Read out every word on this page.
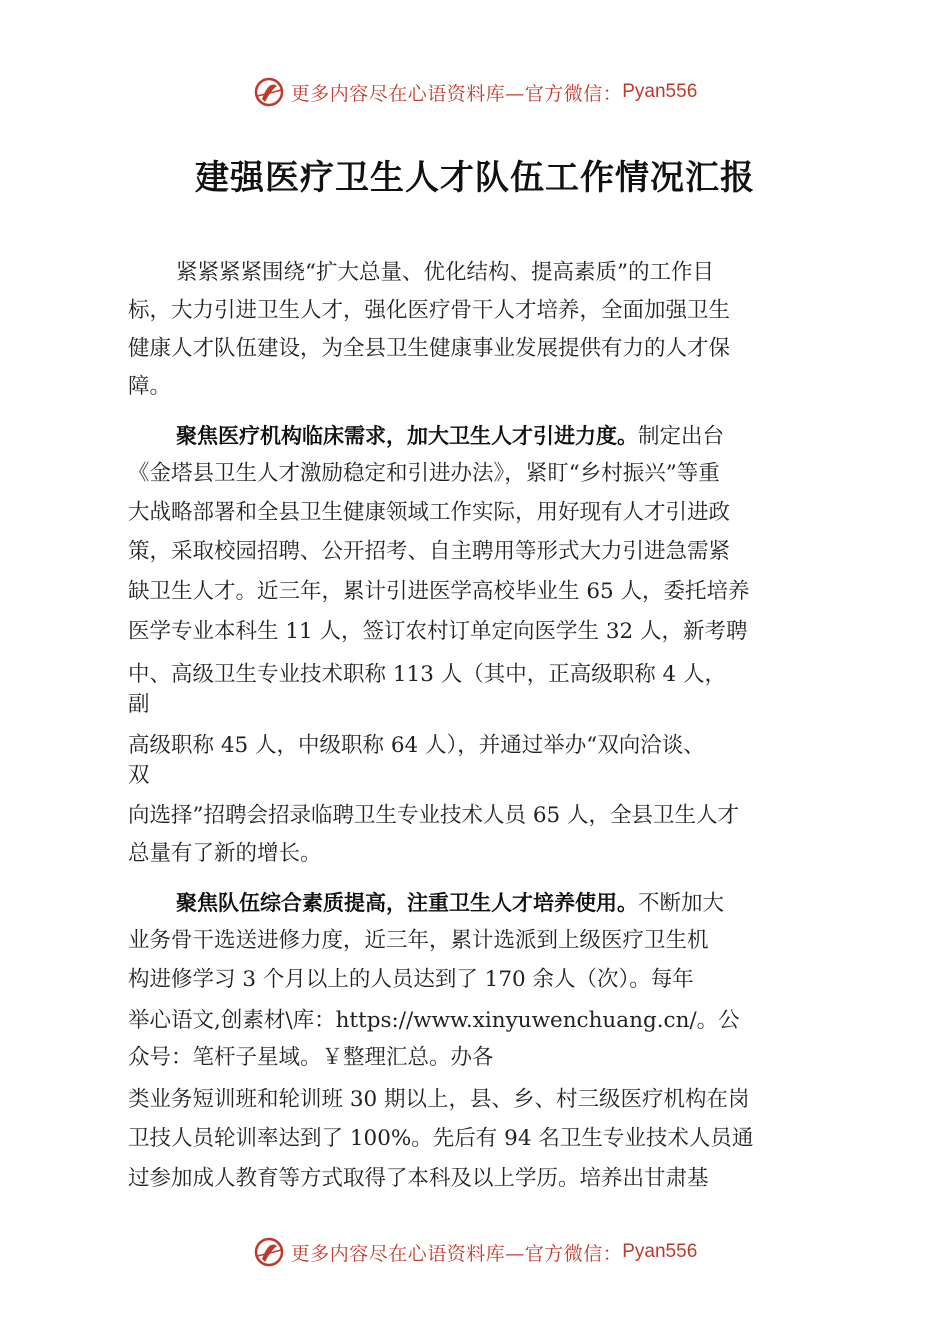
更多内容尽在心语资料库—官方微信： Pyan556
建强医疗卫生人才队伍工作情况汇报
紧紧紧紧围绕“扩大总量、优化结构、提高素质”的工作目
标，大力引进卫生人才，强化医疗骨干人才培养，全面加强卫生
健康人才队伍建设，为全县卫生健康事业发展提供有力的人才保
障。
聚焦医疗机构临床需求，加大卫生人才引进力度。制定出台
《金塔县卫生人才激励稳定和引进办法》，紧盯“乡村振兴”等重
大战略部署和全县卫生健康领域工作实际，用好现有人才引进政
策，采取校园招聘、公开招考、自主聘用等形式大力引进急需紧
缺卫生人才。近三年，累计引进医学高校毕业生 65 人，委托培养
医学专业本科生 11 人，签订农村订单定向医学生 32 人，新考聘
中、高级卫生专业技术职称 113 人（其中，正高级职称 4 人，
副
高级职称 45 人，中级职称 64 人），并通过举办“双向洽谈、
双
向选择”招聘会招录临聘卫生专业技术人员 65 人，全县卫生人才
总量有了新的增长。
聚焦队伍综合素质提高，注重卫生人才培养使用。不断加大
业务骨干选送进修力度，近三年，累计选派到上级医疗卫生机
构进修学习 3 个月以上的人员达到了 170 余人（次）。每年
举心语文,创素材\库：https://www.xinyuwenchuang.cn/。公
众号：笔杆子星域。￥整理汇总。办各
类业务短训班和轮训班 30 期以上，县、乡、村三级医疗机构在岗
卫技人员轮训率达到了 100%。先后有 94 名卫生专业技术人员通
过参加成人教育等方式取得了本科及以上学历。培养出甘肃基
更多内容尽在心语资料库—官方微信： Pyan556
